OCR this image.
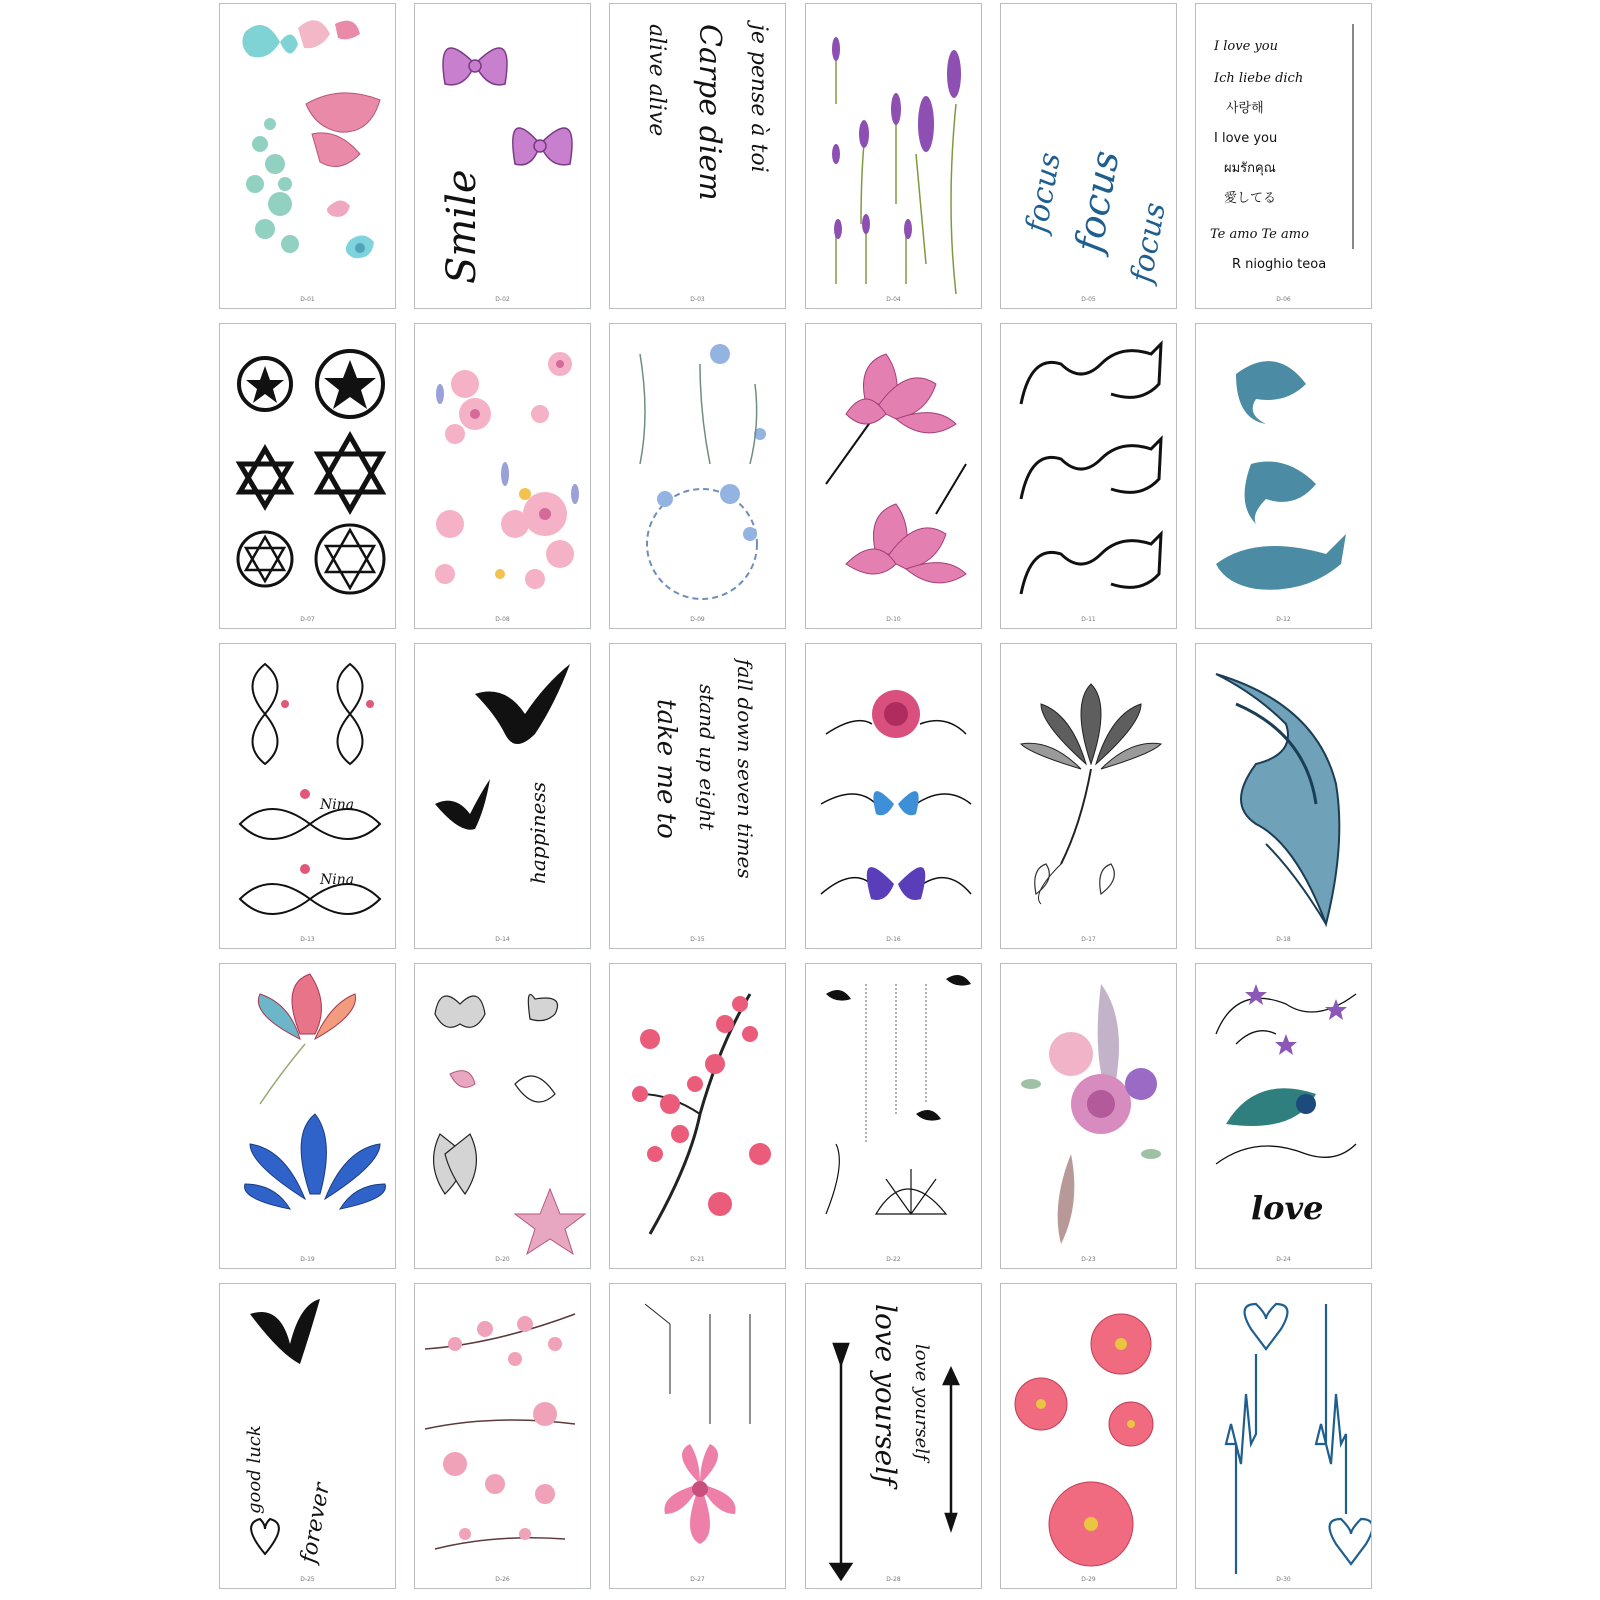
D-01
Smile
D-02
je pense à toi
Carpe diem
alive alive
D-03	D-04
focus
focus
focus
D-05
I love you
Ich liebe dich
사랑해
I love you
ผมรักคุณ
愛してる
Te amo Te amo
R nioghio teoa
D-06
D-07	D-08	D-09	D-10	D-11	D-12
Nina
Nina
D-13
happiness
D-14
fall down seven times
stand up eight
take me to
D-15	D-16	D-17	D-18
D-19	D-20	D-21	D-22	D-23
love
D-24
good luck
forever
D-25	D-26	D-27
love yourself love yourself
D-28	D-29	D-30
